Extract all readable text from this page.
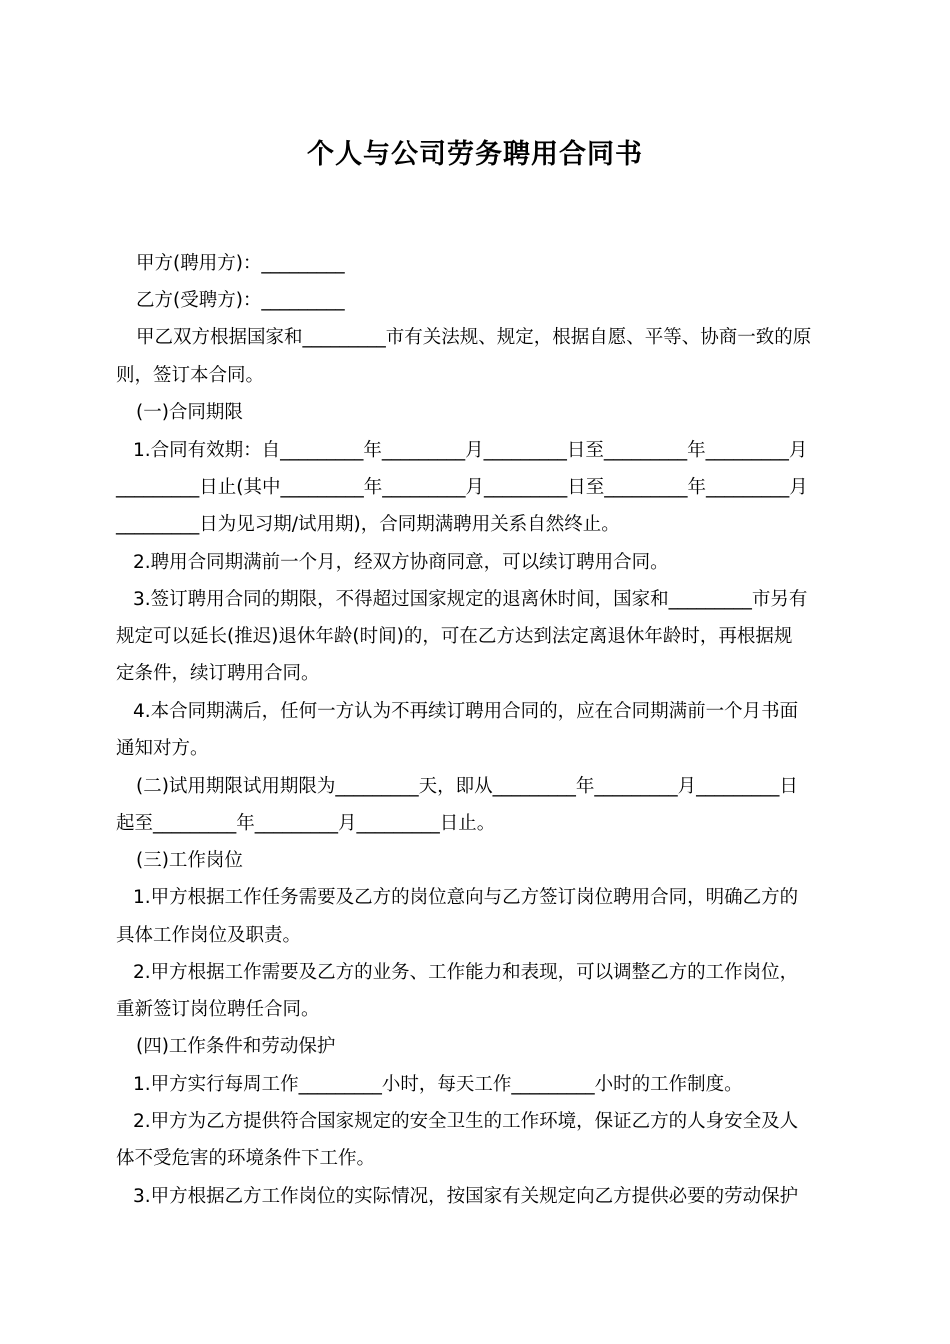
个人与公司劳务聘用合同书
甲方(聘用方)：_________
乙方(受聘方)：_________
甲乙双方根据国家和_________市有关法规、规定，根据自愿、平等、协商一致的原
则，签订本合同。
(一)合同期限
1.合同有效期：自_________年_________月_________日至_________年_________月
_________日止(其中_________年_________月_________日至_________年_________月
_________日为见习期/试用期)，合同期满聘用关系自然终止。
2.聘用合同期满前一个月，经双方协商同意，可以续订聘用合同。
3.签订聘用合同的期限，不得超过国家规定的退离休时间，国家和_________市另有
规定可以延长(推迟)退休年龄(时间)的，可在乙方达到法定离退休年龄时，再根据规
定条件，续订聘用合同。
4.本合同期满后，任何一方认为不再续订聘用合同的，应在合同期满前一个月书面
通知对方。
(二)试用期限试用期限为_________天，即从_________年_________月_________日
起至_________年_________月_________日止。
(三)工作岗位
1.甲方根据工作任务需要及乙方的岗位意向与乙方签订岗位聘用合同，明确乙方的
具体工作岗位及职责。
2.甲方根据工作需要及乙方的业务、工作能力和表现，可以调整乙方的工作岗位，
重新签订岗位聘任合同。
(四)工作条件和劳动保护
1.甲方实行每周工作_________小时，每天工作_________小时的工作制度。
2.甲方为乙方提供符合国家规定的安全卫生的工作环境，保证乙方的人身安全及人
体不受危害的环境条件下工作。
3.甲方根据乙方工作岗位的实际情况，按国家有关规定向乙方提供必要的劳动保护
